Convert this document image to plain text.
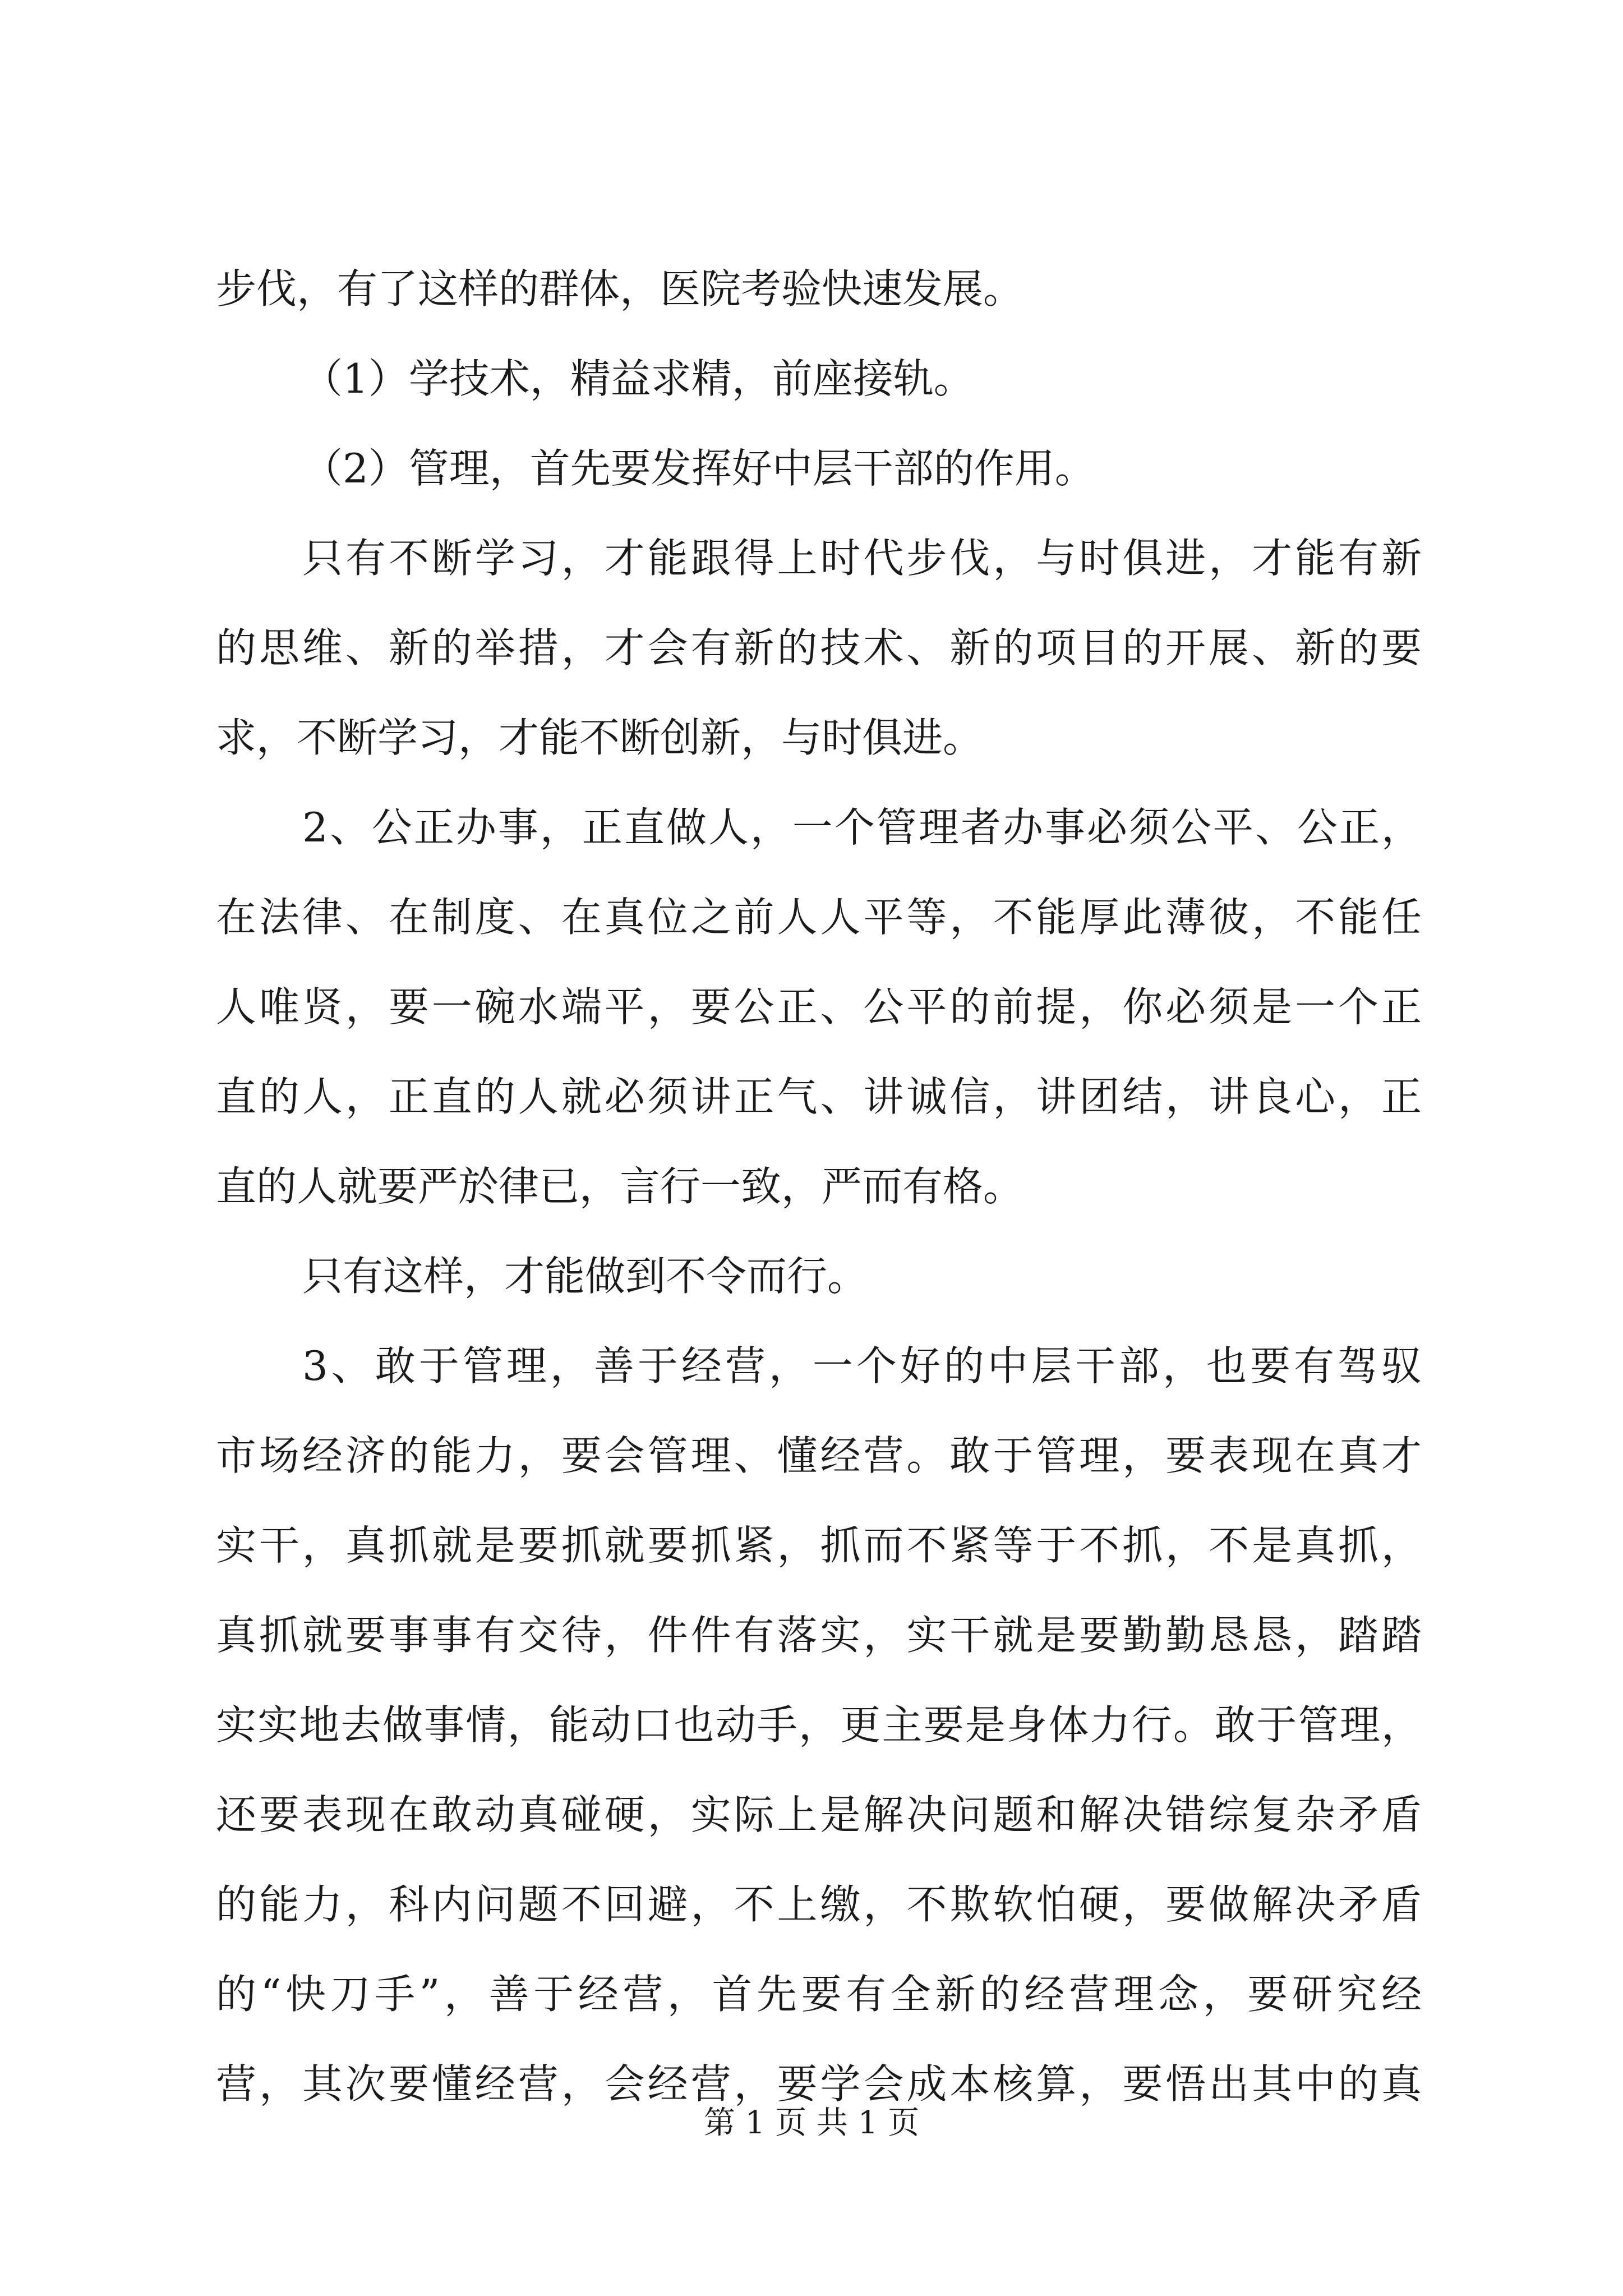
步伐，有了这样的群体，医院考验快速发展。
（1）学技术，精益求精，前座接轨。
（2）管理，首先要发挥好中层干部的作用。
只有不断学习，才能跟得上时代步伐，与时俱进，才能有新
的思维、新的举措，才会有新的技术、新的项目的开展、新的要
求，不断学习，才能不断创新，与时俱进。
2、公正办事，正直做人，一个管理者办事必须公平、公正，
在法律、在制度、在真位之前人人平等，不能厚此薄彼，不能任
人唯贤，要一碗水端平，要公正、公平的前提，你必须是一个正
直的人，正直的人就必须讲正气、讲诚信，讲团结，讲良心，正
直的人就要严於律已，言行一致，严而有格。
只有这样，才能做到不令而行。
3、敢于管理，善于经营，一个好的中层干部，也要有驾驭
市场经济的能力，要会管理、懂经营。敢于管理，要表现在真才
实干，真抓就是要抓就要抓紧，抓而不紧等于不抓，不是真抓，
真抓就要事事有交待，件件有落实，实干就是要勤勤恳恳，踏踏
实实地去做事情，能动口也动手，更主要是身体力行。敢于管理，
还要表现在敢动真碰硬，实际上是解决问题和解决错综复杂矛盾
的能力，科内问题不回避，不上缴，不欺软怕硬，要做解决矛盾
的“快刀手”，善于经营，首先要有全新的经营理念，要研究经
营，其次要懂经营，会经营，要学会成本核算，要悟出其中的真
第 1 页 共 1 页
